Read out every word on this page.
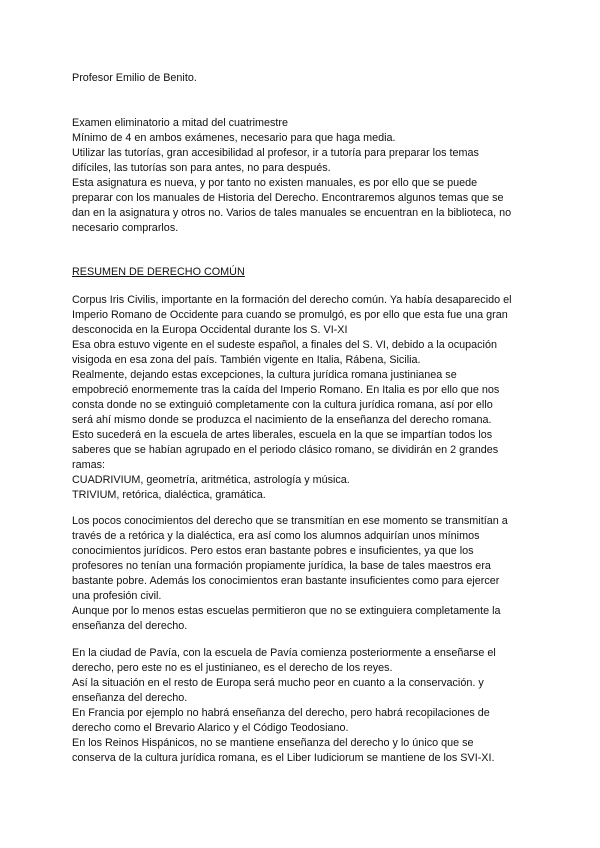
Profesor Emilio de Benito.
Examen eliminatorio a mitad del cuatrimestre
Mínimo de 4 en ambos exámenes, necesario para que haga media.
Utilizar las tutorías, gran accesibilidad al profesor, ir a tutoría para preparar los temas
difíciles, las tutorías son para antes, no para después.
Esta asignatura es nueva, y por tanto no existen manuales, es por ello que se puede
preparar con los manuales de Historia del Derecho. Encontraremos algunos temas que se
dan en la asignatura y otros no. Varios de tales manuales se encuentran en la biblioteca, no
necesario comprarlos.
RESUMEN DE DERECHO COMÚN
Corpus Iris Civilis, importante en la formación del derecho común. Ya había desaparecido el
Imperio Romano de Occidente para cuando se promulgó, es por ello que esta fue una gran
desconocida en la Europa Occidental durante los S. VI-XI
Esa obra estuvo vigente en el sudeste español, a finales del S. VI, debido a la ocupación
visigoda en esa zona del país. También vigente en Italia, Rábena, Sicilia.
Realmente, dejando estas excepciones, la cultura jurídica romana justinianea se
empobreció enormemente tras la caída del Imperio Romano. En Italia es por ello que nos
consta donde no se extinguió completamente con la cultura jurídica romana, así por ello
será ahí mismo donde se produzca el nacimiento de la enseñanza del derecho romana.
Esto sucederá en la escuela de artes liberales, escuela en la que se impartían todos los
saberes que se habían agrupado en el periodo clásico romano, se dividirán en 2 grandes
ramas:
CUADRIVIUM, geometría, aritmética, astrología y música.
TRIVIUM, retórica, dialéctica, gramática.
Los pocos conocimientos del derecho que se transmitían en ese momento se transmitían a
través de a retórica y la dialéctica, era así como los alumnos adquirían unos mínimos
conocimientos jurídicos. Pero estos eran bastante pobres e insuficientes, ya que los
profesores no tenían una formación propiamente jurídica, la base de tales maestros era
bastante pobre. Además los conocimientos eran bastante insuficientes como para ejercer
una profesión civil.
Aunque por lo menos estas escuelas permitieron que no se extinguiera completamente la
enseñanza del derecho.
En la ciudad de Pavía, con la escuela de Pavía comienza posteriormente a enseñarse el
derecho, pero este no es el justinianeo, es el derecho de los reyes.
Así la situación en el resto de Europa será mucho peor en cuanto a la conservación. y
enseñanza del derecho.
En Francia por ejemplo no habrá enseñanza del derecho, pero habrá recopilaciones de
derecho como el Brevario Alarico y el Código Teodosiano.
En los Reinos Hispánicos, no se mantiene enseñanza del derecho y lo único que se
conserva de la cultura jurídica romana, es el Liber Iudiciorum se mantiene de los SVI-XI.
